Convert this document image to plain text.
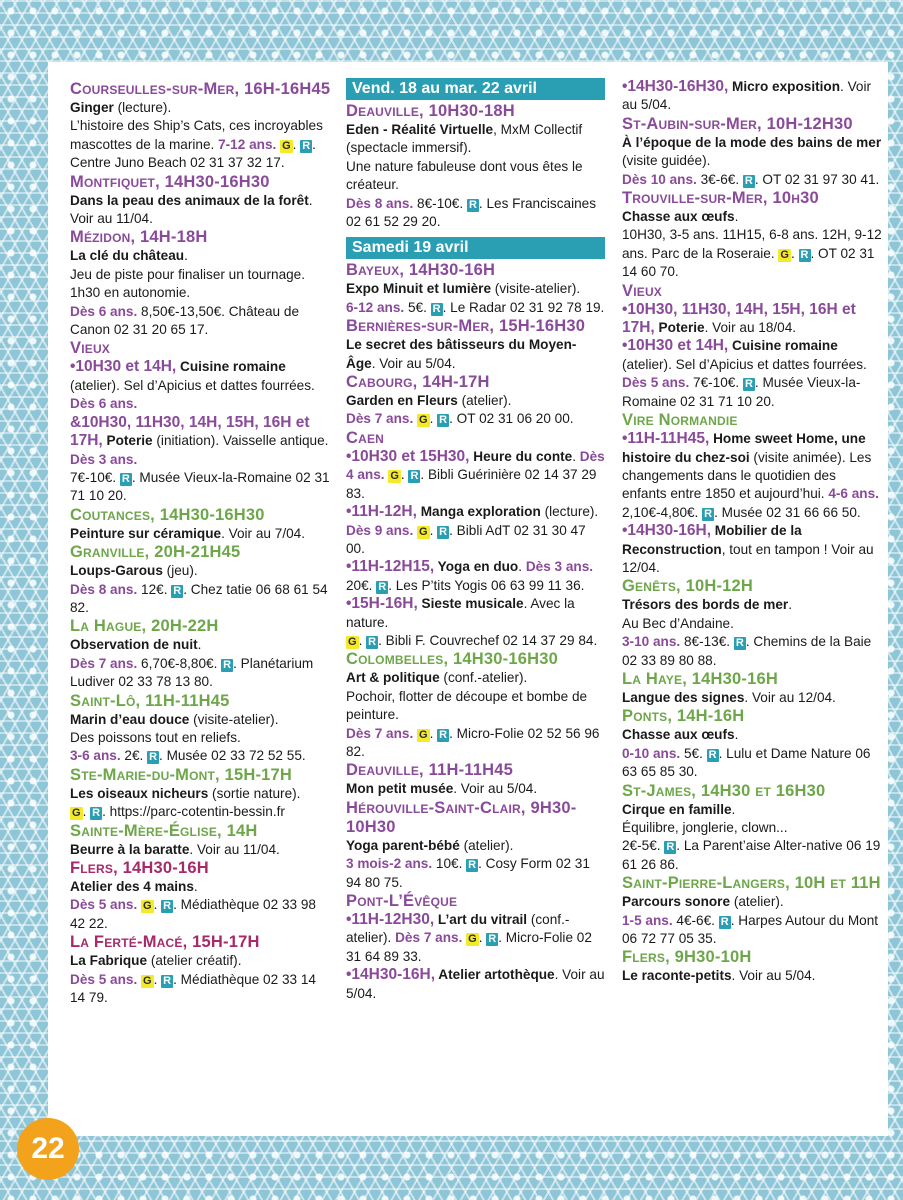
Courseulles-sur-Mer, 16H-16H45
Ginger (lecture).
L’histoire des Ship’s Cats, ces incroyables mascottes de la marine. 7-12 ans. G . R . Centre Juno Beach 02 31 37 32 17.
Montfiquet, 14H30-16H30
Dans la peau des animaux de la forêt. Voir au 11/04.
Mézidon, 14H-18H
La clé du château.
Jeu de piste pour finaliser un tournage. 1h30 en autonomie.
Dès 6 ans. 8,50€-13,50€. Château de Canon 02 31 20 65 17.
Vieux
•10H30 et 14H, Cuisine romaine (atelier). Sel d’Apicius et dattes fourrées. Dès 6 ans.
&10H30, 11H30, 14H, 15H, 16H et 17H, Poterie (initiation). Vaisselle antique. Dès 3 ans.
7€-10€. R . Musée Vieux-la-Romaine 02 31 71 10 20.
Coutances, 14H30-16H30
Peinture sur céramique. Voir au 7/04.
Granville, 20H-21H45
Loups-Garous (jeu).
Dès 8 ans. 12€. R . Chez tatie 06 68 61 54 82.
La Hague, 20H-22H
Observation de nuit.
Dès 7 ans. 6,70€-8,80€. R . Planétarium Ludiver 02 33 78 13 80.
Saint-Lô, 11H-11H45
Marin d’eau douce (visite-atelier).
Des poissons tout en reliefs.
3-6 ans. 2€. R . Musée 02 33 72 52 55.
Ste-Marie-du-Mont, 15H-17H
Les oiseaux nicheurs (sortie nature).
G . R . https://parc-cotentin-bessin.fr
Sainte-Mère-Église, 14H
Beurre à la baratte. Voir au 11/04.
Flers, 14H30-16H
Atelier des 4 mains.
Dès 5 ans. G . R . Médiathèque 02 33 98 42 22.
La Ferté-Macé, 15H-17H
La Fabrique (atelier créatif).
Dès 5 ans. G . R . Médiathèque 02 33 14 14 79.
Vend. 18 au mar. 22 avril
Deauville, 10H30-18H
Eden - Réalité Virtuelle, MxM Collectif (spectacle immersif).
Une nature fabuleuse dont vous êtes le créateur.
Dès 8 ans. 8€-10€. R . Les Franciscaines 02 61 52 29 20.
Samedi 19 avril
Bayeux, 14H30-16H
Expo Minuit et lumière (visite-atelier).
6-12 ans. 5€. R . Le Radar 02 31 92 78 19.
Bernières-sur-Mer, 15H-16H30
Le secret des bâtisseurs du Moyen-Âge. Voir au 5/04.
Cabourg, 14H-17H
Garden en Fleurs (atelier).
Dès 7 ans. G . R . OT 02 31 06 20 00.
Caen
•10H30 et 15H30, Heure du conte. Dès 4 ans. G . R . Bibli Guérinière 02 14 37 29 83.
•11H-12H, Manga exploration (lecture). Dès 9 ans. G . R . Bibli AdT 02 31 30 47 00.
•11H-12H15, Yoga en duo. Dès 3 ans. 20€. R . Les P’tits Yogis 06 63 99 11 36.
•15H-16H, Sieste musicale. Avec la nature.
G . R . Bibli F. Couvrechef 02 14 37 29 84.
Colombelles, 14H30-16H30
Art & politique (conf.-atelier).
Pochoir, flotter de découpe et bombe de peinture.
Dès 7 ans. G . R . Micro-Folie 02 52 56 96 82.
Deauville, 11H-11H45
Mon petit musée. Voir au 5/04.
Hérouville-Saint-Clair, 9H30-10H30
Yoga parent-bébé (atelier).
3 mois-2 ans. 10€. R . Cosy Form 02 31 94 80 75.
Pont-L’Évêque
•11H-12H30, L’art du vitrail (conf.-atelier). Dès 7 ans. G . R . Micro-Folie 02 31 64 89 33.
•14H30-16H, Atelier artothèque. Voir au 5/04.
•14H30-16H30, Micro exposition. Voir au 5/04.
St-Aubin-sur-Mer, 10H-12H30
À l’époque de la mode des bains de mer (visite guidée).
Dès 10 ans. 3€-6€. R . OT 02 31 97 30 41.
Trouville-sur-Mer, 10h30
Chasse aux œufs.
10H30, 3-5 ans. 11H15, 6-8 ans. 12H, 9-12 ans. Parc de la Roseraie. G . R . OT 02 31 14 60 70.
Vieux
•10H30, 11H30, 14H, 15H, 16H et 17H, Poterie. Voir au 18/04.
•10H30 et 14H, Cuisine romaine (atelier). Sel d’Apicius et dattes fourrées. Dès 5 ans. 7€-10€. R . Musée Vieux-la-Romaine 02 31 71 10 20.
Vire Normandie
•11H-11H45, Home sweet Home, une histoire du chez-soi (visite animée). Les changements dans le quotidien des enfants entre 1850 et aujourd’hui. 4-6 ans. 2,10€-4,80€. R . Musée 02 31 66 66 50.
•14H30-16H, Mobilier de la Reconstruction, tout en tampon ! Voir au 12/04.
Genêts, 10H-12H
Trésors des bords de mer.
Au Bec d’Andaine.
3-10 ans. 8€-13€. R . Chemins de la Baie 02 33 89 80 88.
La Haye, 14H30-16H
Langue des signes. Voir au 12/04.
Ponts, 14H-16H
Chasse aux œufs.
0-10 ans. 5€. R . Lulu et Dame Nature 06 63 65 85 30.
St-James, 14H30 et 16H30
Cirque en famille.
Équilibre, jonglerie, clown...
2€-5€. R . La Parent’aise Alter-native 06 19 61 26 86.
Saint-Pierre-Langers, 10H et 11H
Parcours sonore (atelier).
1-5 ans. 4€-6€. R . Harpes Autour du Mont 06 72 77 05 35.
Flers, 9H30-10H
Le raconte-petits. Voir au 5/04.
22
